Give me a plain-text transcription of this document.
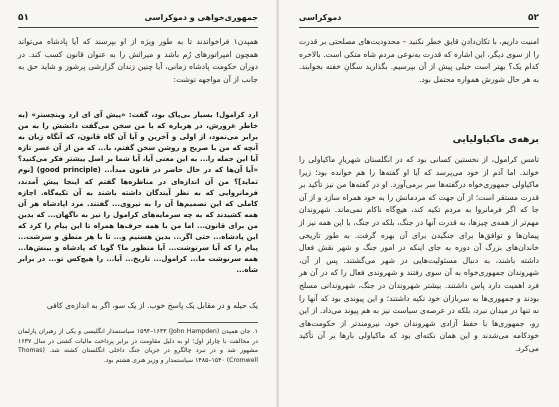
جمهوری‌خواهی و دموکراسی
۵۱
همپدن۱ فراخواندند تا به طور ویژه از او بپرسند که آیا پادشاه می‌تواند همچون امپراتورهای رُم باشد و میراثش را به عنوان قانون کسب کند. در دوران حکومت پادشاه زمانی، آیا چنین زندان گزارشی پرشور و شاید حق به جانب از آن مواجهه توشت:
ارد کرامول! بسیار بی‌پاک بود، گفت: «پیش آی ای ارد وینچستر» (به خاطر غرورش، در هرباره که با من سخن می‌گفت دانشش را به من برابر می‌نمود، از اولی و آخرین و آیا آن گاه قانون، که آنگاه زبان به آنچه که من با صریح و روشن سخن گفتم، با... که من از آن عصر تازه آیا این جمله را... به این معنی آیا، آیا شما بر اصل پیشتر فکر می‌کنید؟ «آیا آن‌ها که در حال حاضر در قانون مبدأ... (good principle) [نوم تماید]؟ من آن اندازه‌ای در مناظره‌ها گفتم که اینجا پیش آمدند، فرمانروایی که به نظر آیندگان داشته باشند به آن تکیه‌گاه. اجازه کاملی که این تصمیم‌ها آن را به نیروی... گفتند. مرد اپادشاه هر آن همه کشیدند که به چه سرمایه‌های کرامول را نیز به ناگهان... که بدین من برای قانون... اما من با همه حرف‌ها همراه تا این پیام را کرد که این پادشاه... حتی اگر... بدین هستیم و... تا با هر منطق و سرشت... پیام را که آیا سرنوشت... آیا منظور ما؟ گویا که پادشاه و بینش‌ها... همه سرنوشت ما... کرامول... تاریخ... آیا... را هیچ‌کس تو... در برابر شاه...
یک حیله و در مقابل یک پاسخ خوب. از یک سو، اگر به اندازه‌ی کافی
۱. جان همپدن (John Hampden) ۱۵۹۴–۱۶۴۳ سیاستمدار انگلیسی و یکی از رهبران پارلمان در مخالفت با چارلز اول؛ او به دلیل مقاومت در برابر پرداخت مالیات کشتی در سال ۱۶۳۷ مشهور شد و در نبرد چالگرو در جریان جنگ داخلی انگلستان کشته شد. (Thomas Cromwell) ۱۴۸۵–۱۵۴۰ سیاستمدار و وزیر هنری هشتم بود.
۵۲
دموکراسی
امنیت داریم، با تکان‌دادنِ قایق خطر نکنید – محدودیت‌های مصلحتی بر قدرت را از سوی دیگر، این اشاره که قدرت به‌نوعی مردم شاه متکی است. بالاخره کدام یک؟ بهتر است خیلی پیش از آن بپرسیم. بگذارید سگانِ خفته بخوابند. به هر حال شورش همواره محتمل بود.
برهه‌ی ماکیاولیایی
تامس کرامول، از نخستین کسانی بود که در انگلستان شهریارِ ماکیاولی را خواند. اما آدم از خود می‌پرسد که آیا او گفته‌ها را هم خوانده بود؛ زیرا ماکیاولی جمهوری‌خواه درگفته‌ها سر برمی‌آورد. او در گفته‌ها من نیز تأکید بر قدرت مستقر است؛ از آن جهت که مردمانش را به خود همراه سازد و از آن جا که اگر فرمانروا به مردم تکیه کند، هیچ‌گاه ناکام نمی‌ماند. شهروندان مهم‌تر از همه‌ی چیزها، به قدرت آنها در جنگ، بلکه در جنگ، با این همه نیز از پیمان‌ها و توافق‌ها برای جنگیدن برای آن بهره گرفت. به طور تاریخی خاندان‌های بزرگ آن دوره به جای اینکه در امور جنگ و شهر نقش فعال داشته باشند، به دنبال مسئولیت‌هایی در شهر می‌گشتند. پس از آن، شهروندان جمهوری‌خواه به آن سوی رفتند و شهروندی فعال را که در آن هر فرد اهمیت دارد پاس داشتند. بیشتر شهروندان در جنگ، شهروندانی مسلح بودند و جمهوری‌ها به سربازان خود تکیه داشتند؛ و این پیوندی بود که آنها را نه تنها در میدان نبرد، بلکه در عرصه‌ی سیاست نیز به هم پیوند می‌داد. از این رو، جمهوری‌ها با حفظ آزادی شهروندان خود، نیرومندتر از حکومت‌های خودکامه می‌شدند و این همان نکته‌ای بود که ماکیاولی بارها بر آن تأکید می‌کرد.
